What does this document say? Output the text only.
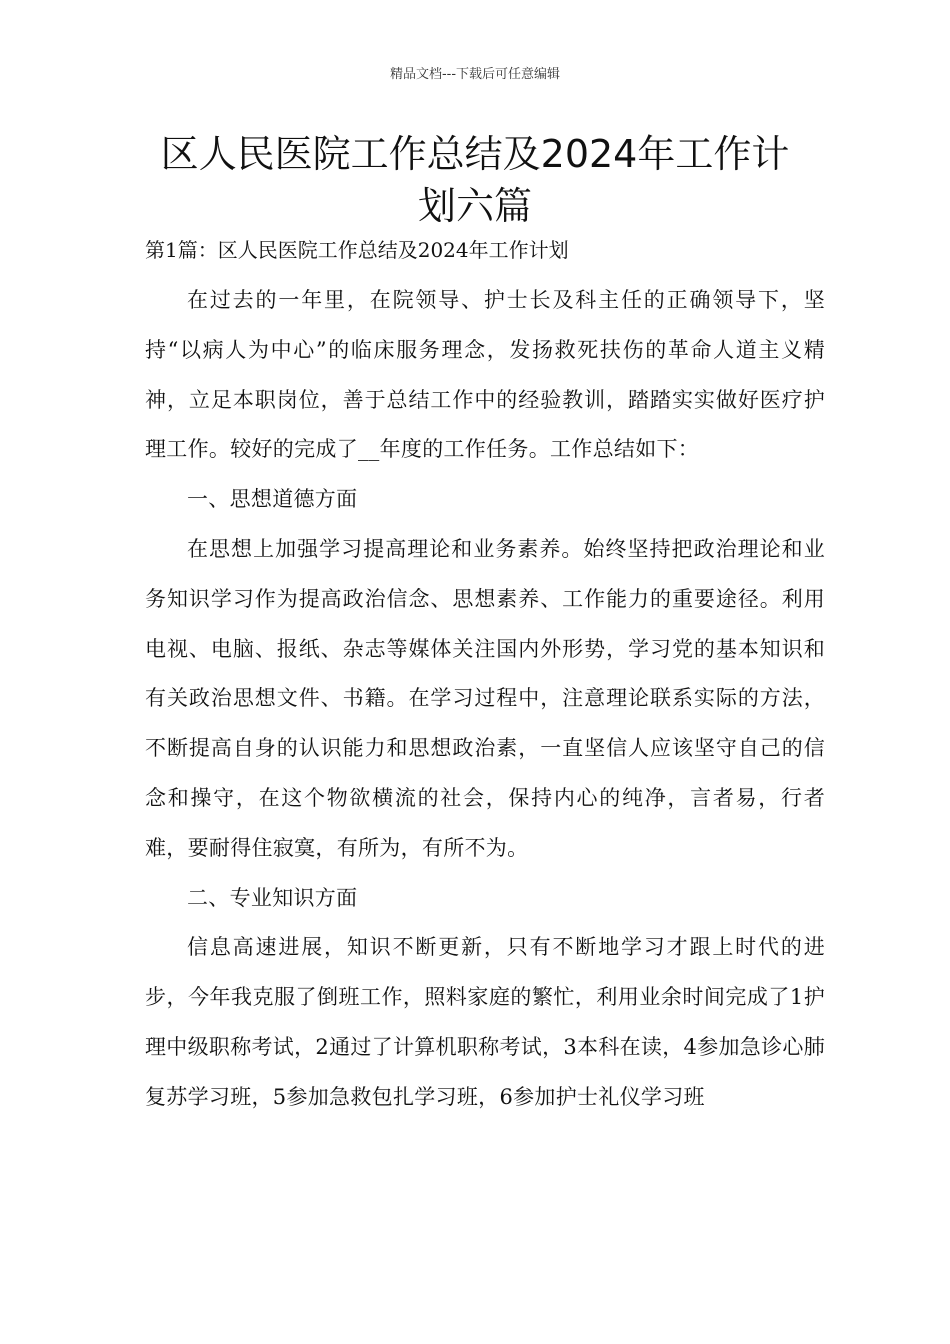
精品文档---下载后可任意编辑
区人民医院工作总结及2024年工作计划六篇

第1篇：区人民医院工作总结及2024年工作计划

在过去的一年里，在院领导、护士长及科主任的正确领导下，坚持“以病人为中心”的临床服务理念，发扬救死扶伤的革命人道主义精神，立足本职岗位，善于总结工作中的经验教训，踏踏实实做好医疗护理工作。较好的完成了__年度的工作任务。工作总结如下：

一、思想道德方面

在思想上加强学习提高理论和业务素养。始终坚持把政治理论和业务知识学习作为提高政治信念、思想素养、工作能力的重要途径。利用电视、电脑、报纸、杂志等媒体关注国内外形势，学习党的基本知识和有关政治思想文件、书籍。在学习过程中，注意理论联系实际的方法，不断提高自身的认识能力和思想政治素，一直坚信人应该坚守自己的信念和操守，在这个物欲横流的社会，保持内心的纯净，言者易，行者难，要耐得住寂寞，有所为，有所不为。

二、专业知识方面

信息高速进展，知识不断更新，只有不断地学习才跟上时代的进步，今年我克服了倒班工作，照料家庭的繁忙，利用业余时间完成了1护理中级职称考试，2通过了计算机职称考试，3本科在读，4参加急诊心肺复苏学习班，5参加急救包扎学习班，6参加护士礼仪学习班
